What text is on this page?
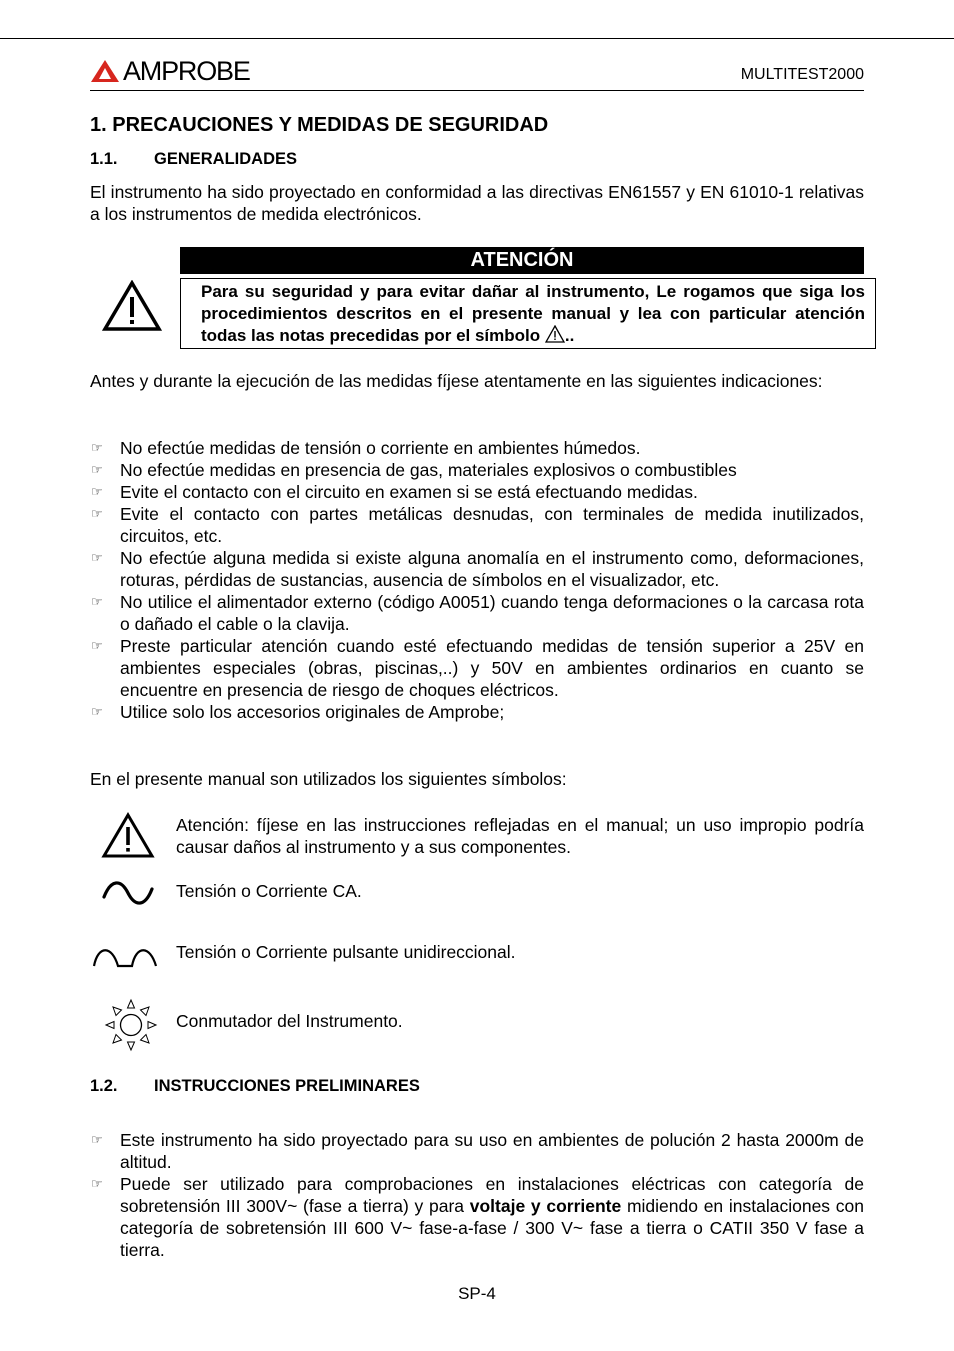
AMPROBE	MULTITEST2000
1. PRECAUCIONES Y MEDIDAS DE SEGURIDAD
1.1. GENERALIDADES
El instrumento ha sido proyectado en conformidad a las directivas EN61557 y EN 61010-1 relativas a los instrumentos de medida electrónicos.
ATENCIÓN
Para su seguridad y para evitar dañar al instrumento, Le rogamos que siga los procedimientos descritos en el presente manual y lea con particular atención todas las notas precedidas por el símbolo ..
Antes y durante la ejecución de las medidas fíjese atentamente en las siguientes indicaciones:
☞ No efectúe medidas de tensión o corriente en ambientes húmedos.
☞ No efectúe medidas en presencia de gas, materiales explosivos o combustibles
☞ Evite el contacto con el circuito en examen si se está efectuando medidas.
☞ Evite el contacto con partes metálicas desnudas, con terminales de medida inutilizados, circuitos, etc.
☞ No efectúe alguna medida si existe alguna anomalía en el instrumento como, deformaciones, roturas, pérdidas de sustancias, ausencia de símbolos en el visualizador, etc.
☞ No utilice el alimentador externo (código A0051) cuando tenga deformaciones o la carcasa rota o dañado el cable o la clavija.
☞ Preste particular atención cuando esté efectuando medidas de tensión superior a 25V en ambientes especiales (obras, piscinas,..) y 50V en ambientes ordinarios en cuanto se encuentre en presencia de riesgo de choques eléctricos.
☞ Utilice solo los accesorios originales de Amprobe;
En el presente manual son utilizados los siguientes símbolos:
Atención: fíjese en las instrucciones reflejadas en el manual; un uso impropio podría causar daños al instrumento y a sus componentes.
Tensión o Corriente CA.
Tensión o Corriente pulsante unidireccional.
Conmutador del Instrumento.
1.2. INSTRUCCIONES PRELIMINARES
☞ Este instrumento ha sido proyectado para su uso en ambientes de polución 2 hasta 2000m de altitud.
☞ Puede ser utilizado para comprobaciones en instalaciones eléctricas con categoría de sobretensión III 300V~ (fase a tierra) y para voltaje y corriente midiendo en instalaciones con categoría de sobretensión III 600 V~ fase-a-fase / 300 V~ fase a tierra o CATII 350 V fase a tierra.
SP-4
